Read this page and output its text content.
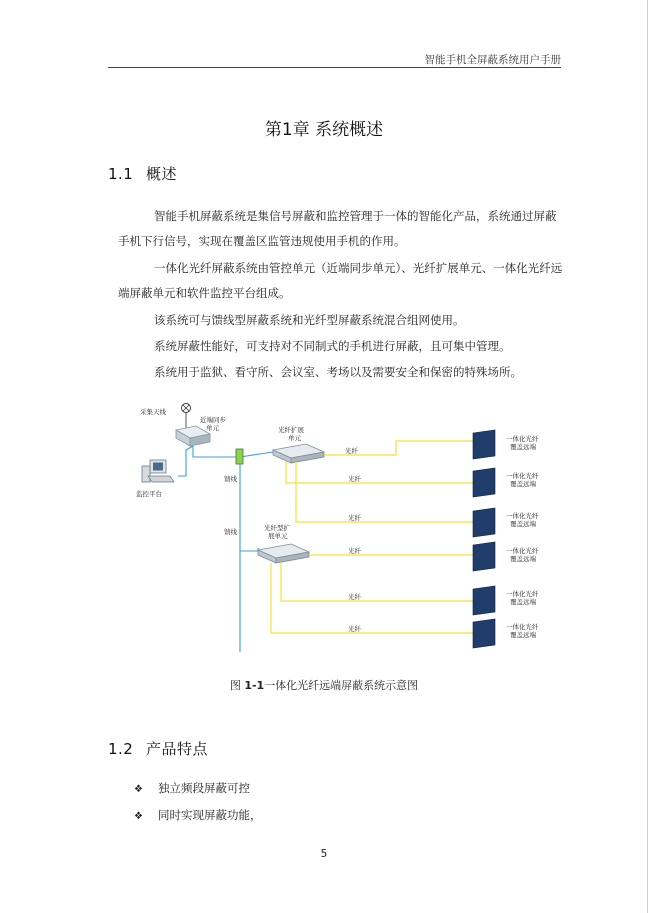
智能手机全屏蔽系统用户手册
第1章 系统概述
1.1 概述
智能手机屏蔽系统是集信号屏蔽和监控管理于一体的智能化产品，系统通过屏蔽手机下行信号，实现在覆盖区监管违规使用手机的作用。
一体化光纤屏蔽系统由管控单元（近端同步单元）、光纤扩展单元、一体化光纤远端屏蔽单元和软件监控平台组成。
该系统可与馈线型屏蔽系统和光纤型屏蔽系统混合组网使用。
系统屏蔽性能好，可支持对不同制式的手机进行屏蔽，且可集中管理。
系统用于监狱、看守所、会议室、考场以及需要安全和保密的特殊场所。
采集天线
近端同步
单元
监控平台
馈线
馈线
光纤扩展
单元
光纤型扩
展单元
光纤
光纤
光纤
光纤
光纤
光纤
一体化光纤
覆盖远端
一体化光纤
覆盖远端
一体化光纤
覆盖远端
一体化光纤
覆盖远端
一体化光纤
覆盖远端
一体化光纤
覆盖远端
图 1-1一体化光纤远端屏蔽系统示意图
1.2 产品特点
❖ 独立频段屏蔽可控
❖ 同时实现屏蔽功能，
5
